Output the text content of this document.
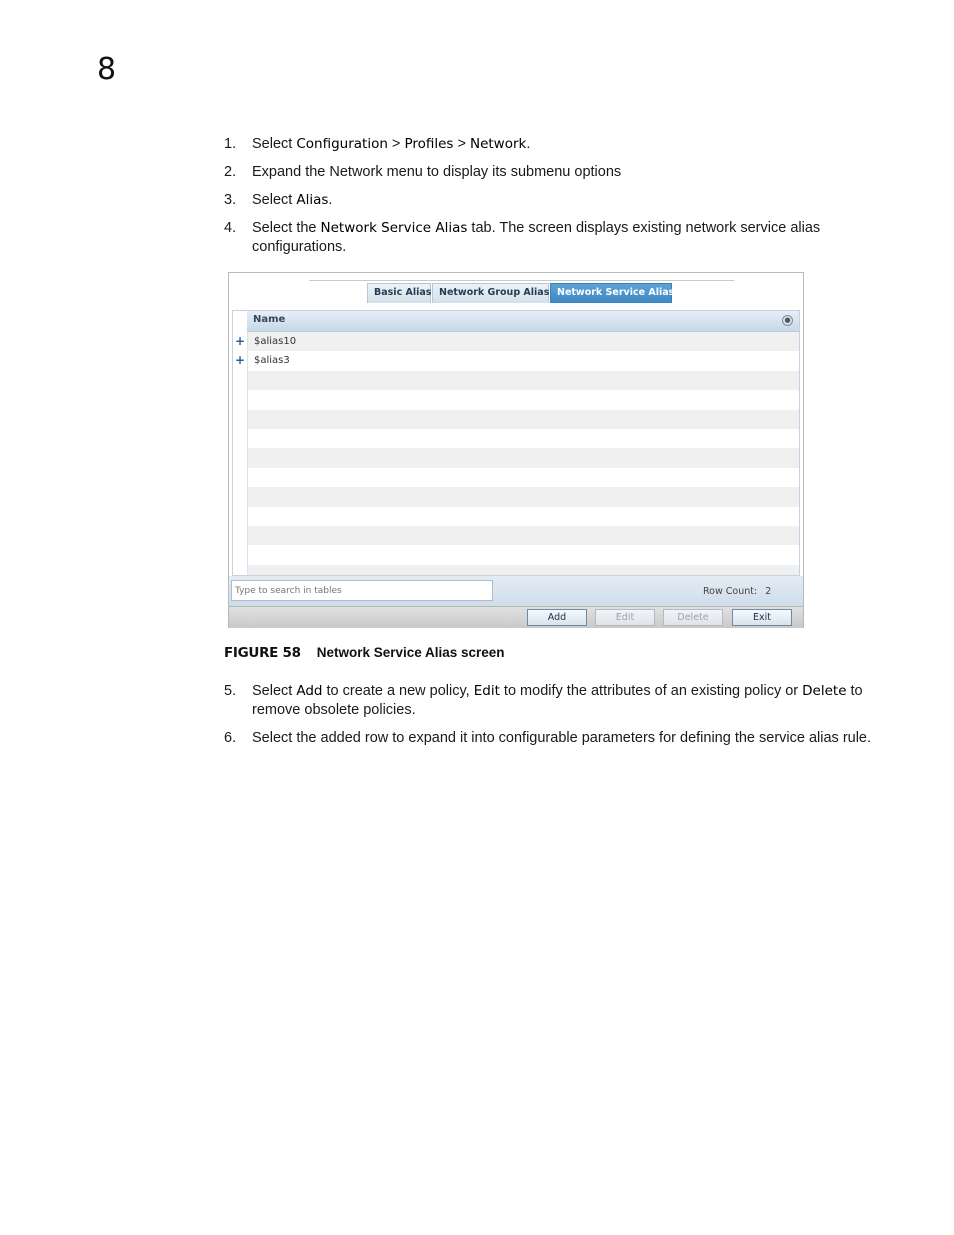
8
1. Select Configuration > Profiles > Network.
2. Expand the Network menu to display its submenu options
3. Select Alias.
4. Select the Network Service Alias tab. The screen displays existing network service alias configurations.
Basic Alias Network Group Alias Network Service Alias
Name	●
+ $alias10
+ $alias3
Type to search in tables
Row Count: 2
Add	Edit	Delete	Exit
FIGURE 58 Network Service Alias screen
5. Select Add to create a new policy, Edit to modify the attributes of an existing policy or Delete to remove obsolete policies.
6. Select the added row to expand it into configurable parameters for defining the service alias rule.
